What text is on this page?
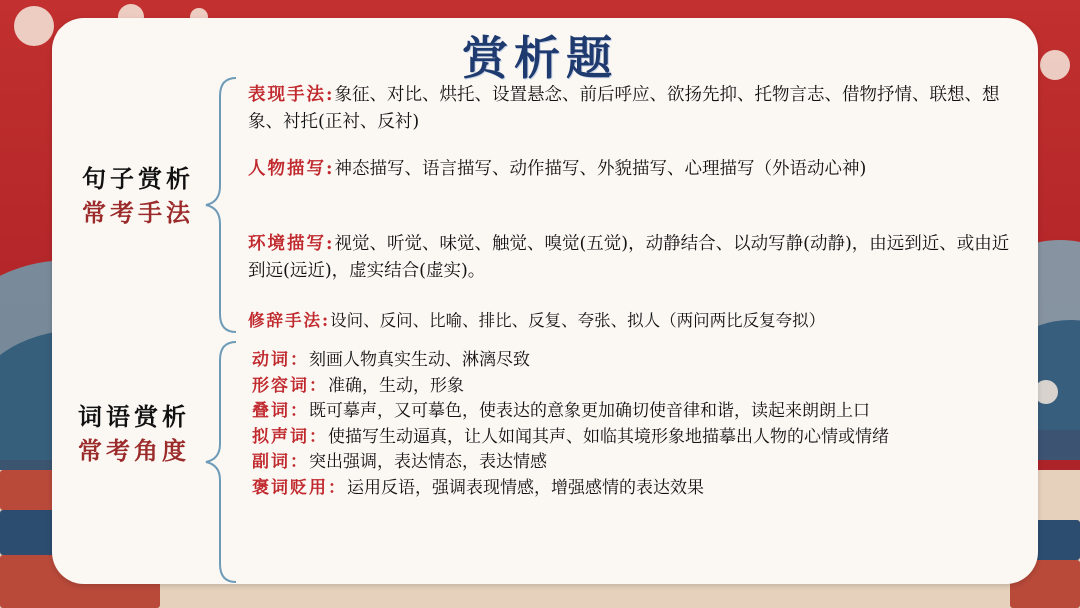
赏析题
句子赏析
常考手法
词语赏析
常考角度
表现手法:象征、对比、烘托、设置悬念、前后呼应、欲扬先抑、托物言志、借物抒情、联想、想象、衬托(正衬、反衬)
人物描写:神态描写、语言描写、动作描写、外貌描写、心理描写（外语动心神)
环境描写:视觉、听觉、味觉、触觉、嗅觉(五觉)，动静结合、以动写静(动静)，由远到近、或由近到远(远近)，虚实结合(虚实)。
修辞手法:设问、反问、比喻、排比、反复、夸张、拟人（两问两比反复夸拟）
动词：刻画人物真实生动、淋漓尽致
形容词：准确，生动，形象
叠词：既可摹声，又可摹色，使表达的意象更加确切使音律和谐，读起来朗朗上口
拟声词：使描写生动逼真，让人如闻其声、如临其境形象地描摹出人物的心情或情绪
副词：突出强调，表达情态，表达情感
褒词贬用：运用反语，强调表现情感，增强感情的表达效果
